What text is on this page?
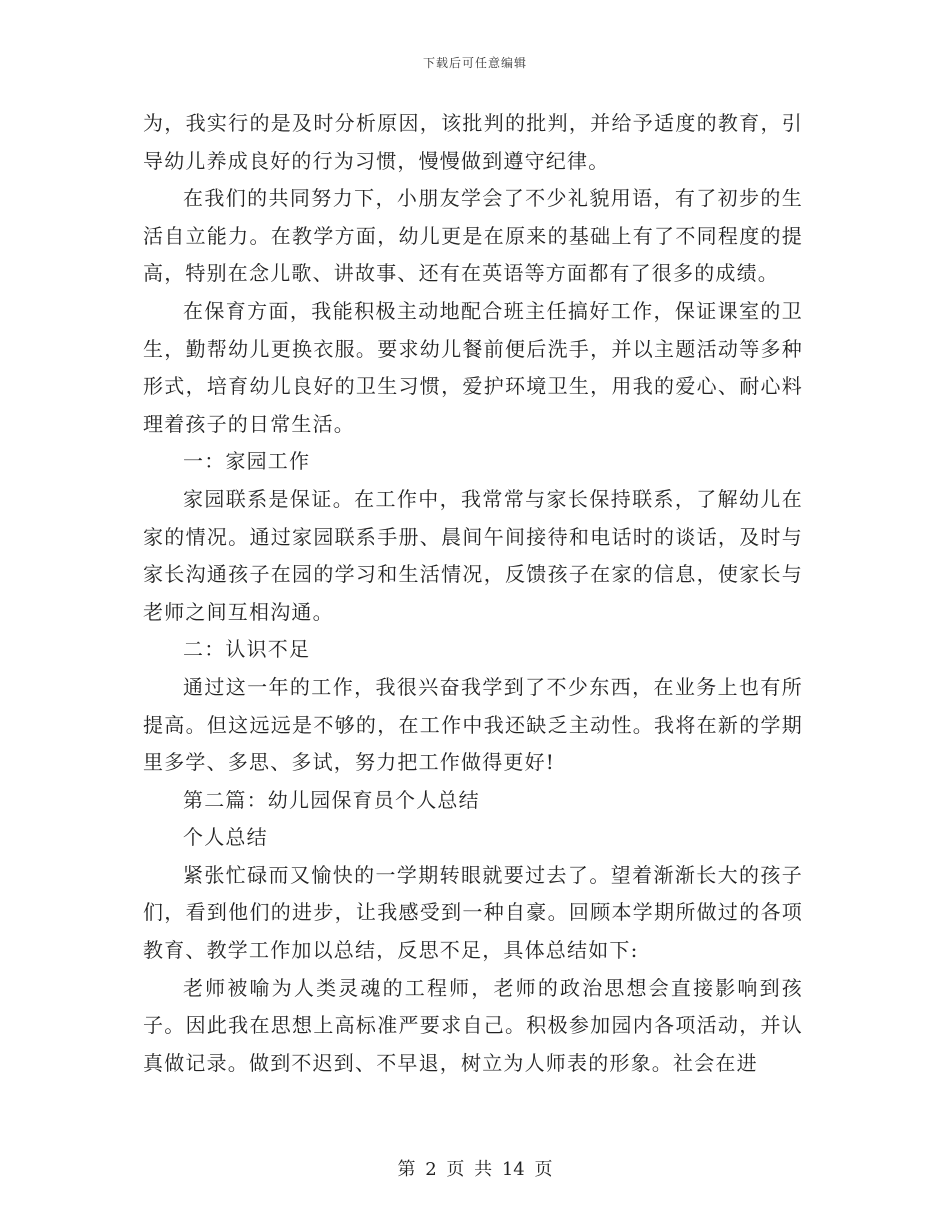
下载后可任意编辑

为，我实行的是及时分析原因，该批判的批判，并给予适度的教育，引导幼儿养成良好的行为习惯，慢慢做到遵守纪律。

在我们的共同努力下，小朋友学会了不少礼貌用语，有了初步的生活自立能力。在教学方面，幼儿更是在原来的基础上有了不同程度的提高，特别在念儿歌、讲故事、还有在英语等方面都有了很多的成绩。

在保育方面，我能积极主动地配合班主任搞好工作，保证课室的卫生，勤帮幼儿更换衣服。要求幼儿餐前便后洗手，并以主题活动等多种形式，培育幼儿良好的卫生习惯，爱护环境卫生，用我的爱心、耐心料理着孩子的日常生活。

一：家园工作

家园联系是保证。在工作中，我常常与家长保持联系，了解幼儿在家的情况。通过家园联系手册、晨间午间接待和电话时的谈话，及时与家长沟通孩子在园的学习和生活情况，反馈孩子在家的信息，使家长与老师之间互相沟通。

二：认识不足

通过这一年的工作，我很兴奋我学到了不少东西，在业务上也有所提高。但这远远是不够的，在工作中我还缺乏主动性。我将在新的学期里多学、多思、多试，努力把工作做得更好!

第二篇：幼儿园保育员个人总结

个人总结

紧张忙碌而又愉快的一学期转眼就要过去了。望着渐渐长大的孩子们，看到他们的进步，让我感受到一种自豪。回顾本学期所做过的各项教育、教学工作加以总结，反思不足，具体总结如下:

老师被喻为人类灵魂的工程师，老师的政治思想会直接影响到孩子。因此我在思想上高标准严要求自己。积极参加园内各项活动，并认真做记录。做到不迟到、不早退，树立为人师表的形象。社会在进

第 2 页 共 14 页
